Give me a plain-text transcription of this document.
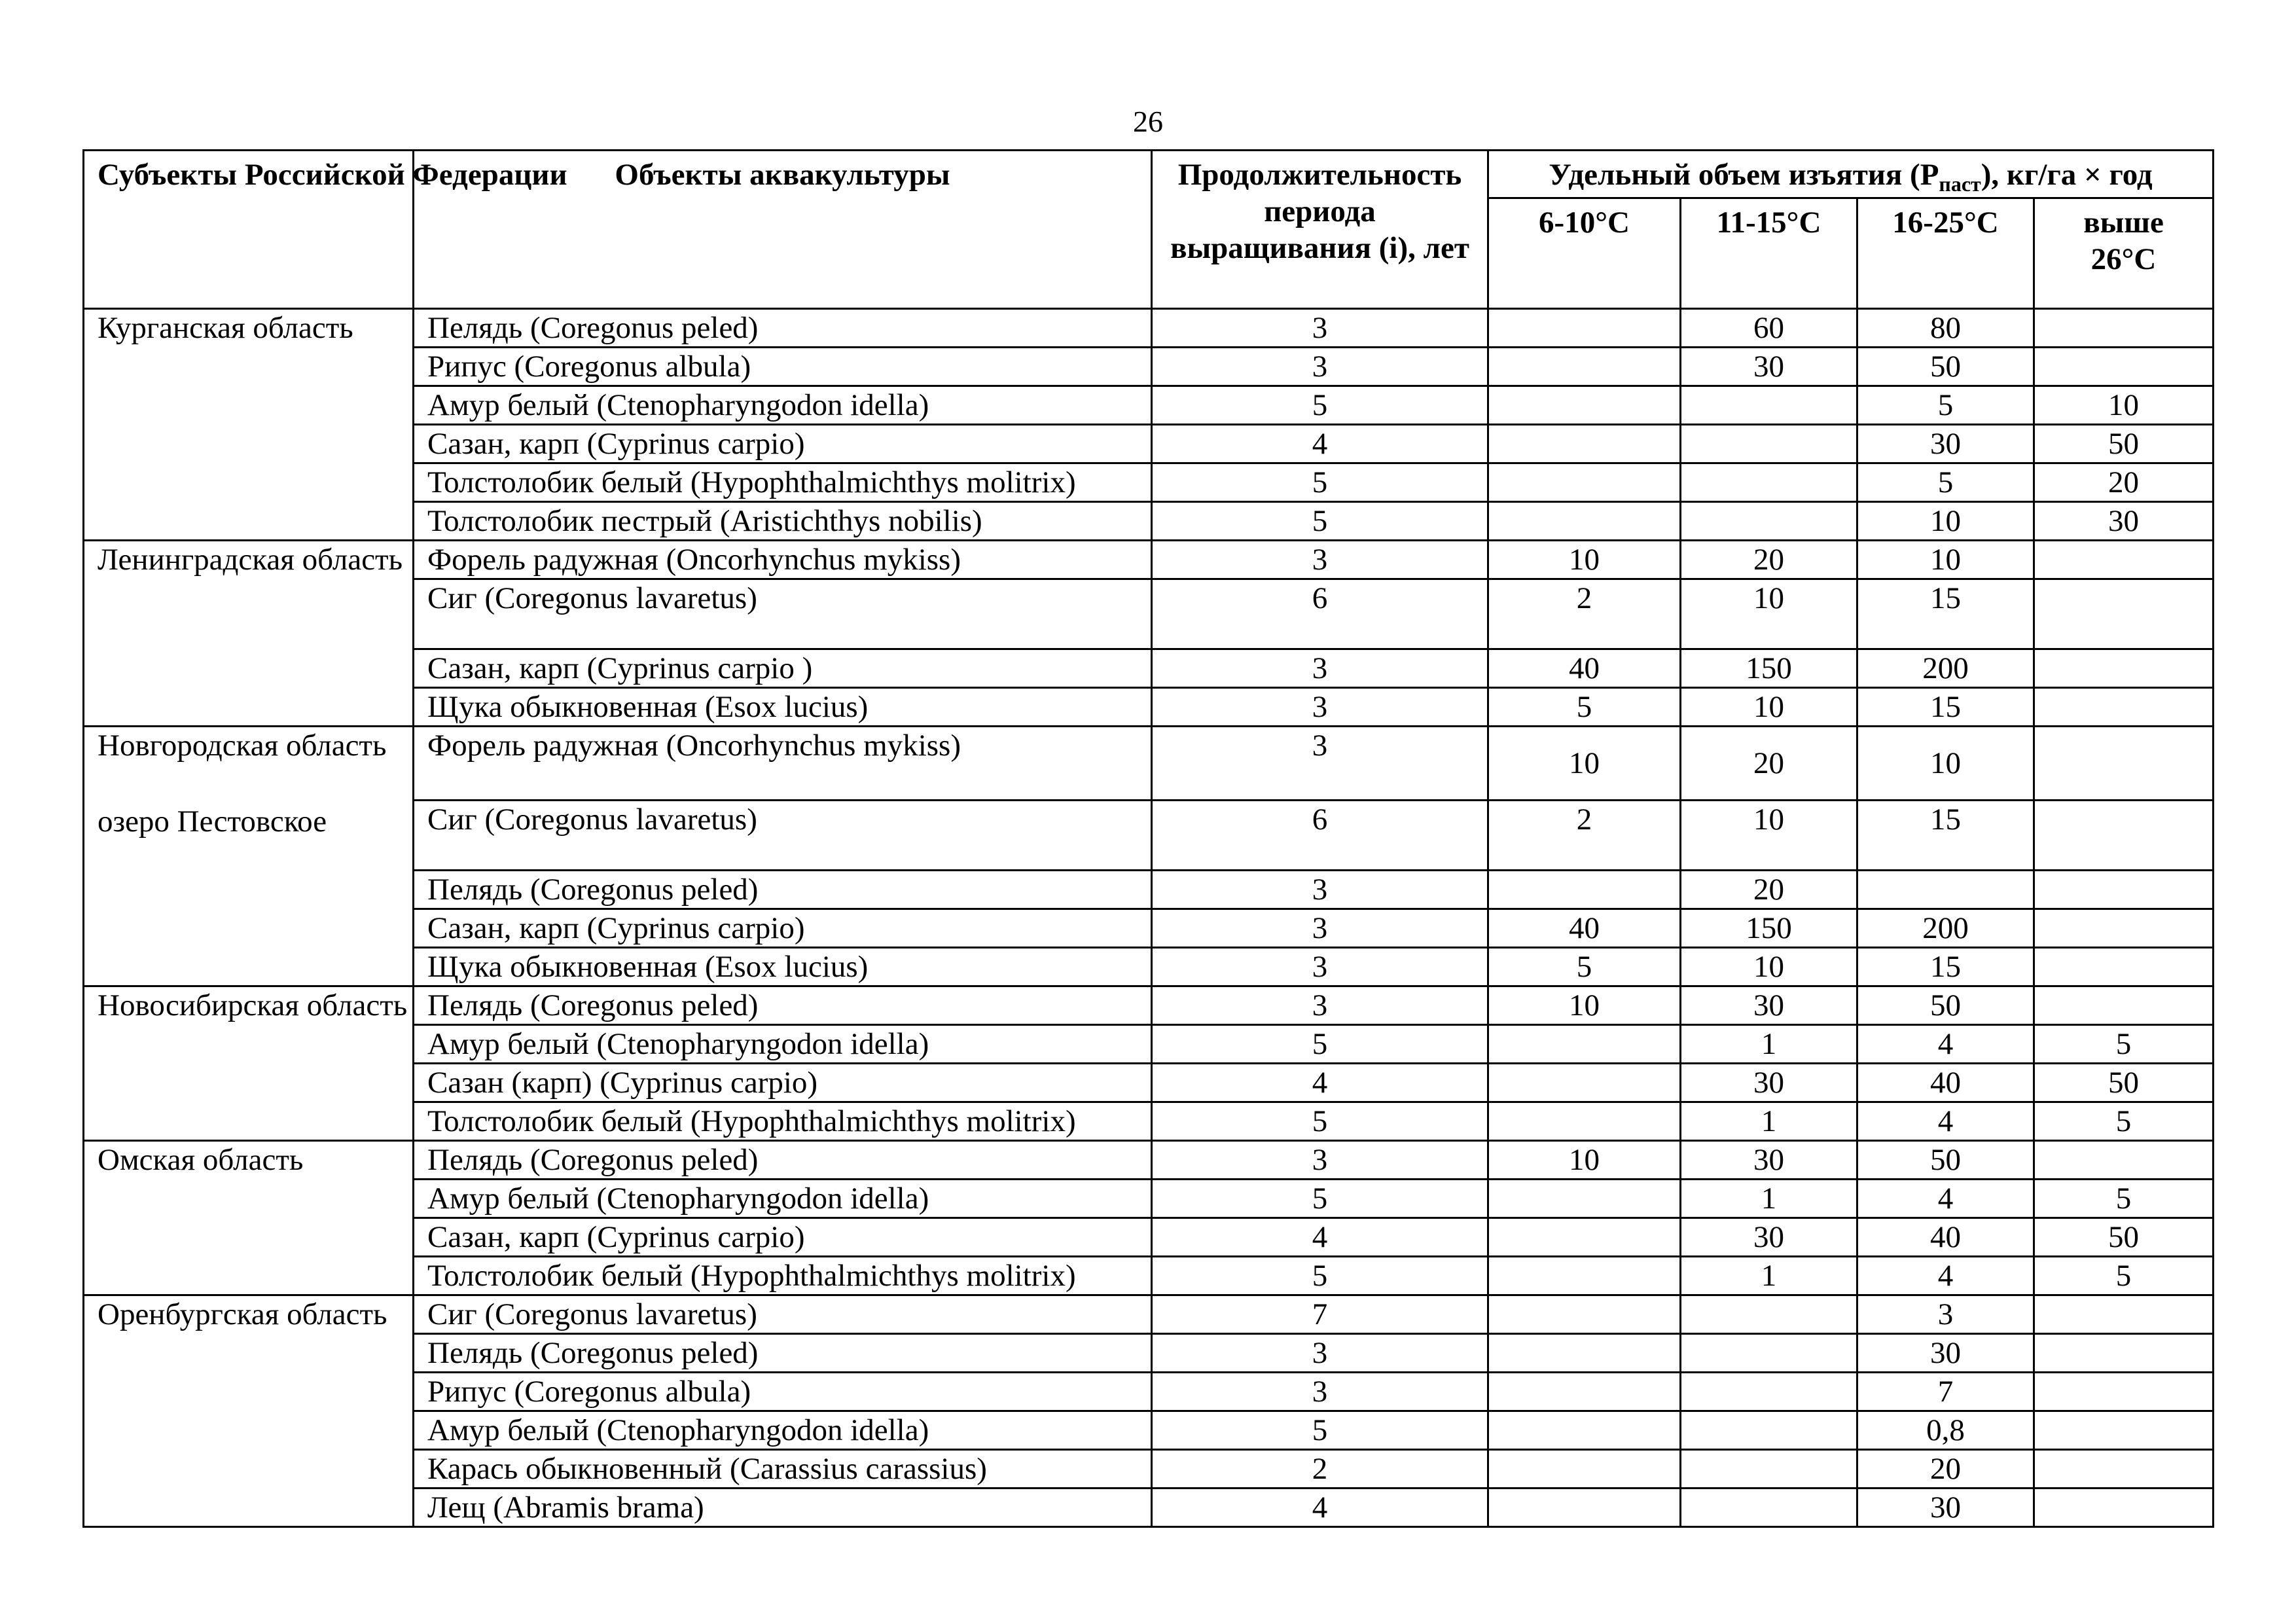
26
Субъекты Российской Федерации	Объекты аквакультуры	Продолжительность периода выращивания (i), лет	Удельный объем изъятия $(P_{паст})$, кг/га × год			
			6-10°С	11-15°С	16-25°С	выше 26°С
Курганская область	Пелядь (Coregonus peled)	3		60	80	
	Рипус (Coregonus albula)	3		30	50	
	Амур белый (Ctenopharyngodon idella)	5			5	10
	Сазан, карп (Cyprinus carpio)	4			30	50
	Толстолобик белый (Hypophthalmichthys molitrix)	5			5	20
	Толстолобик пестрый (Aristichthys nobilis)	5			10	30
Ленинградская область	Форель радужная (Oncorhynchus mykiss)	3	10	20	10	
	Сиг (Coregonus lavaretus)	6	2	10	15	
	Сазан, карп (Cyprinus carpio )	3	40	150	200	
	Щука обыкновенная (Esox lucius)	3	5	10	15	
Новгородская область
озеро Пестовское	Форель радужная (Oncorhynchus mykiss)	3	10	20	10	
	Сиг (Coregonus lavaretus)	6	2	10	15	
	Пелядь (Coregonus peled)	3		20		
	Сазан, карп (Cyprinus carpio)	3	40	150	200	
	Щука обыкновенная (Esox lucius)	3	5	10	15	
Новосибирская область	Пелядь (Coregonus peled)	3	10	30	50	
	Амур белый (Ctenopharyngodon idella)	5		1	4	5
	Сазан (карп) (Cyprinus carpio)	4		30	40	50
	Толстолобик белый (Hypophthalmichthys molitrix)	5		1	4	5
Омская область	Пелядь (Coregonus peled)	3	10	30	50	
	Амур белый (Ctenopharyngodon idella)	5		1	4	5
	Сазан, карп (Cyprinus carpio)	4		30	40	50
	Толстолобик белый (Hypophthalmichthys molitrix)	5		1	4	5
Оренбургская область	Сиг (Coregonus lavaretus)	7			3	
	Пелядь (Coregonus peled)	3			30	
	Рипус (Coregonus albula)	3			7	
	Амур белый (Ctenopharyngodon idella)	5			0,8	
	Карась обыкновенный (Carassius carassius)	2			20	
	Лещ (Abramis brama)	4			30	
